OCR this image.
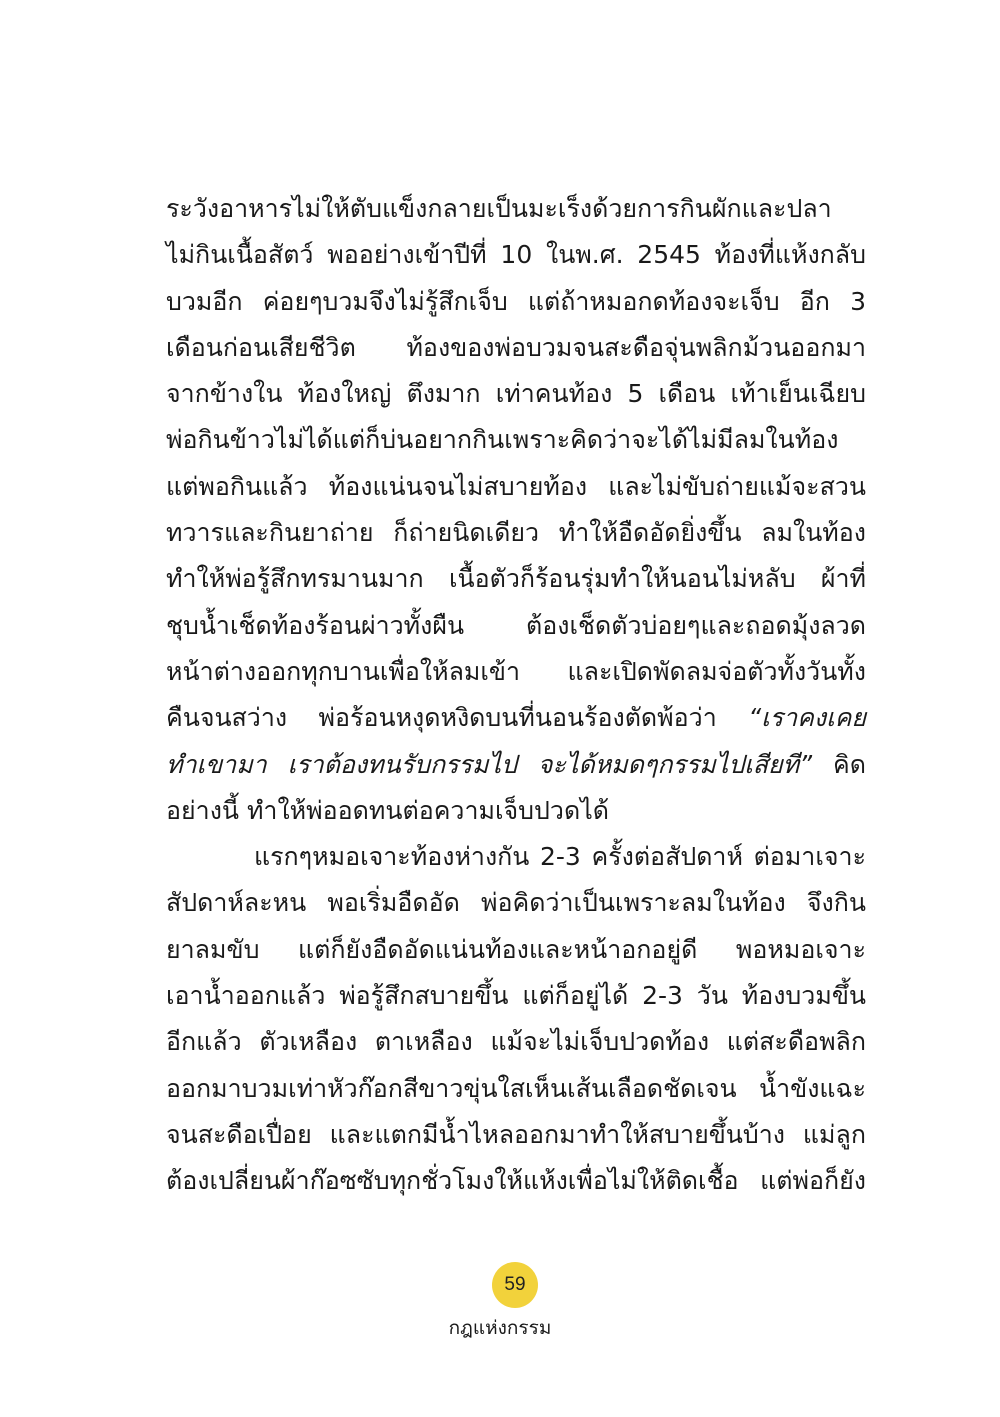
ระวังอาหารไม่ให้ตับแข็งกลายเป็นมะเร็งด้วยการกินผักและปลา
ไม่กินเนื้อสัตว์ พออย่างเข้าปีที่ 10 ในพ.ศ. 2545 ท้องที่แห้งกลับ
บวมอีก ค่อยๆบวมจึงไม่รู้สึกเจ็บ แต่ถ้าหมอกดท้องจะเจ็บ อีก 3
เดือนก่อนเสียชีวิต ท้องของพ่อบวมจนสะดือจุ่นพลิกม้วนออกมา
จากข้างใน ท้องใหญ่ ตึงมาก เท่าคนท้อง 5 เดือน เท้าเย็นเฉียบ
พ่อกินข้าวไม่ได้แต่ก็บ่นอยากกินเพราะคิดว่าจะได้ไม่มีลมในท้อง
แต่พอกินแล้ว ท้องแน่นจนไม่สบายท้อง และไม่ขับถ่ายแม้จะสวน
ทวารและกินยาถ่าย ก็ถ่ายนิดเดียว ทำให้อืดอัดยิ่งขึ้น ลมในท้อง
ทำให้พ่อรู้สึกทรมานมาก เนื้อตัวก็ร้อนรุ่มทำให้นอนไม่หลับ ผ้าที่
ชุบน้ำเช็ดท้องร้อนผ่าวทั้งผืน ต้องเช็ดตัวบ่อยๆและถอดมุ้งลวด
หน้าต่างออกทุกบานเพื่อให้ลมเข้า และเปิดพัดลมจ่อตัวทั้งวันทั้ง
คืนจนสว่าง พ่อร้อนหงุดหงิดบนที่นอนร้องตัดพ้อว่า “เราคงเคย
ทำเขามา เราต้องทนรับกรรมไป จะได้หมดๆกรรมไปเสียที” คิด
อย่างนี้ ทำให้พ่ออดทนต่อความเจ็บปวดได้
แรกๆหมอเจาะท้องห่างกัน 2-3 ครั้งต่อสัปดาห์ ต่อมาเจาะ
สัปดาห์ละหน พอเริ่มอืดอัด พ่อคิดว่าเป็นเพราะลมในท้อง จึงกิน
ยาลมขับ แต่ก็ยังอืดอัดแน่นท้องและหน้าอกอยู่ดี พอหมอเจาะ
เอาน้ำออกแล้ว พ่อรู้สึกสบายขึ้น แต่ก็อยู่ได้ 2-3 วัน ท้องบวมขึ้น
อีกแล้ว ตัวเหลือง ตาเหลือง แม้จะไม่เจ็บปวดท้อง แต่สะดือพลิก
ออกมาบวมเท่าหัวก๊อกสีขาวขุ่นใสเห็นเส้นเลือดชัดเจน น้ำขังแฉะ
จนสะดือเปื่อย และแตกมีน้ำไหลออกมาทำให้สบายขึ้นบ้าง แม่ลูก
ต้องเปลี่ยนผ้าก๊อซซับทุกชั่วโมงให้แห้งเพื่อไม่ให้ติดเชื้อ แต่พ่อก็ยัง
59
กฎแห่งกรรม
